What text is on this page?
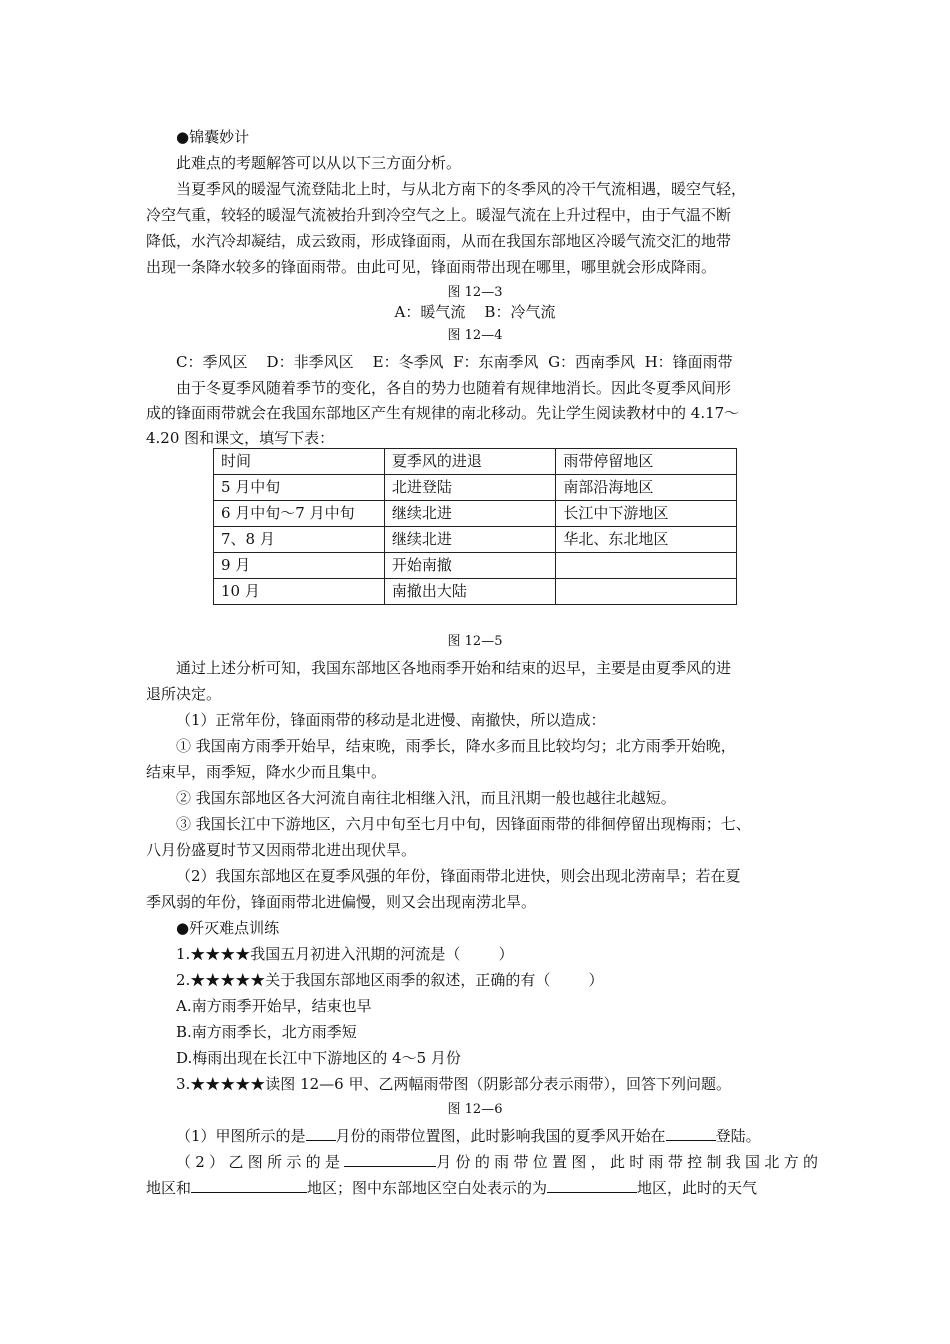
●锦囊妙计
此难点的考题解答可以从以下三方面分析。
当夏季风的暖湿气流登陆北上时，与从北方南下的冬季风的冷干气流相遇，暖空气轻，
冷空气重，较轻的暖湿气流被抬升到冷空气之上。暖湿气流在上升过程中，由于气温不断
降低，水汽冷却凝结，成云致雨，形成锋面雨，从而在我国东部地区冷暖气流交汇的地带
出现一条降水较多的锋面雨带。由此可见，锋面雨带出现在哪里，哪里就会形成降雨。
图 12—3
A：暖气流    B：冷气流
图 12—4
C：季风区    D：非季风区    E：冬季风  F：东南季风  G：西南季风  H：锋面雨带
由于冬夏季风随着季节的变化，各自的势力也随着有规律地消长。因此冬夏季风间形
成的锋面雨带就会在我国东部地区产生有规律的南北移动。先让学生阅读教材中的 4.17～
4.20 图和课文，填写下表：
时间	夏季风的进退	雨带停留地区
5 月中旬	北进登陆	南部沿海地区
6 月中旬～7 月中旬	继续北进	长江中下游地区
7、8 月	继续北进	华北、东北地区
9 月	开始南撤	
10 月	南撤出大陆	
图 12—5
通过上述分析可知，我国东部地区各地雨季开始和结束的迟早，主要是由夏季风的进
退所决定。
（1）正常年份，锋面雨带的移动是北进慢、南撤快，所以造成：
① 我国南方雨季开始早，结束晚，雨季长，降水多而且比较均匀；北方雨季开始晚，
结束早，雨季短，降水少而且集中。
② 我国东部地区各大河流自南往北相继入汛，而且汛期一般也越往北越短。
③ 我国长江中下游地区，六月中旬至七月中旬，因锋面雨带的徘徊停留出现梅雨；七、
八月份盛夏时节又因雨带北进出现伏旱。
（2）我国东部地区在夏季风强的年份，锋面雨带北进快，则会出现北涝南旱；若在夏
季风弱的年份，锋面雨带北进偏慢，则又会出现南涝北旱。
●歼灭难点训练
1.★★★★我国五月初进入汛期的河流是（        ）
2.★★★★★关于我国东部地区雨季的叙述，正确的有（        ）
A.南方雨季开始早，结束也早
B.南方雨季长，北方雨季短
D.梅雨出现在长江中下游地区的 4～5 月份
3.★★★★★读图 12—6 甲、乙两幅雨带图（阴影部分表示雨带），回答下列问题。
图 12—6
（1）甲图所示的是 月份的雨带位置图，此时影响我国的夏季风开始在	登陆。
（2）乙图所示的是	月份的雨带位置图，此时雨带控制我国北方的
地区和	地区；图中东部地区空白处表示的为	地区，此时的天气
